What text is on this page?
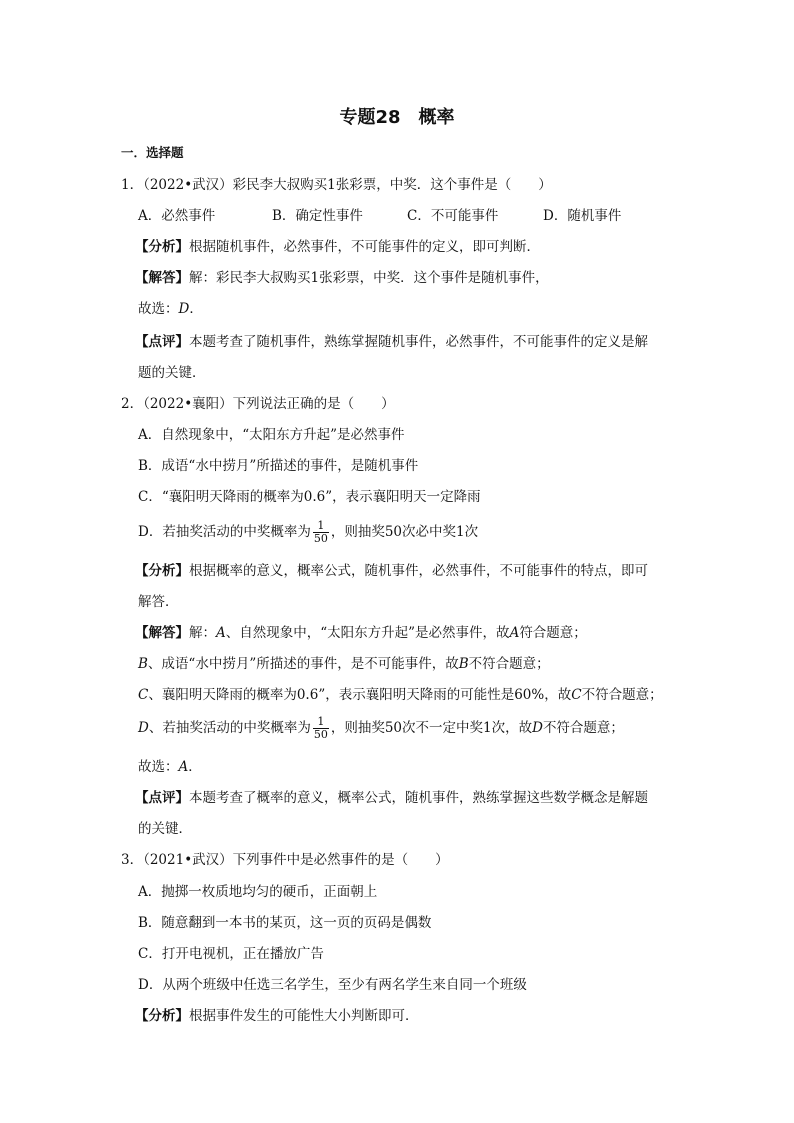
专题28　概率
一．选择题
1．（2022•武汉）彩民李大叔购买1张彩票，中奖．这个事件是（　　）
A．必然事件	B．确定性事件	C．不可能事件	D．随机事件
【分析】根据随机事件，必然事件，不可能事件的定义，即可判断．
【解答】解：彩民李大叔购买1张彩票，中奖．这个事件是随机事件，
故选：D．
【点评】本题考查了随机事件，熟练掌握随机事件，必然事件，不可能事件的定义是解
题的关键．
2．（2022•襄阳）下列说法正确的是（　　）
A．自然现象中，“太阳东方升起”是必然事件
B．成语“水中捞月”所描述的事件，是随机事件
C．“襄阳明天降雨的概率为0.6”，表示襄阳明天一定降雨
D．若抽奖活动的中奖概率为 $\frac{1}{50}$ ，则抽奖50次必中奖1次
【分析】根据概率的意义，概率公式，随机事件，必然事件，不可能事件的特点，即可
解答．
【解答】解：A、自然现象中，“太阳东方升起”是必然事件，故A符合题意；
B、成语“水中捞月”所描述的事件，是不可能事件，故B不符合题意；
C、襄阳明天降雨的概率为0.6”，表示襄阳明天降雨的可能性是60%，故C不符合题意；
D、若抽奖活动的中奖概率为 $\frac{1}{50}$ ，则抽奖50次不一定中奖1次，故D不符合题意；
故选：A．
【点评】本题考查了概率的意义，概率公式，随机事件，熟练掌握这些数学概念是解题
的关键．
3．（2021•武汉）下列事件中是必然事件的是（　　）
A．抛掷一枚质地均匀的硬币，正面朝上
B．随意翻到一本书的某页，这一页的页码是偶数
C．打开电视机，正在播放广告
D．从两个班级中任选三名学生，至少有两名学生来自同一个班级
【分析】根据事件发生的可能性大小判断即可．
